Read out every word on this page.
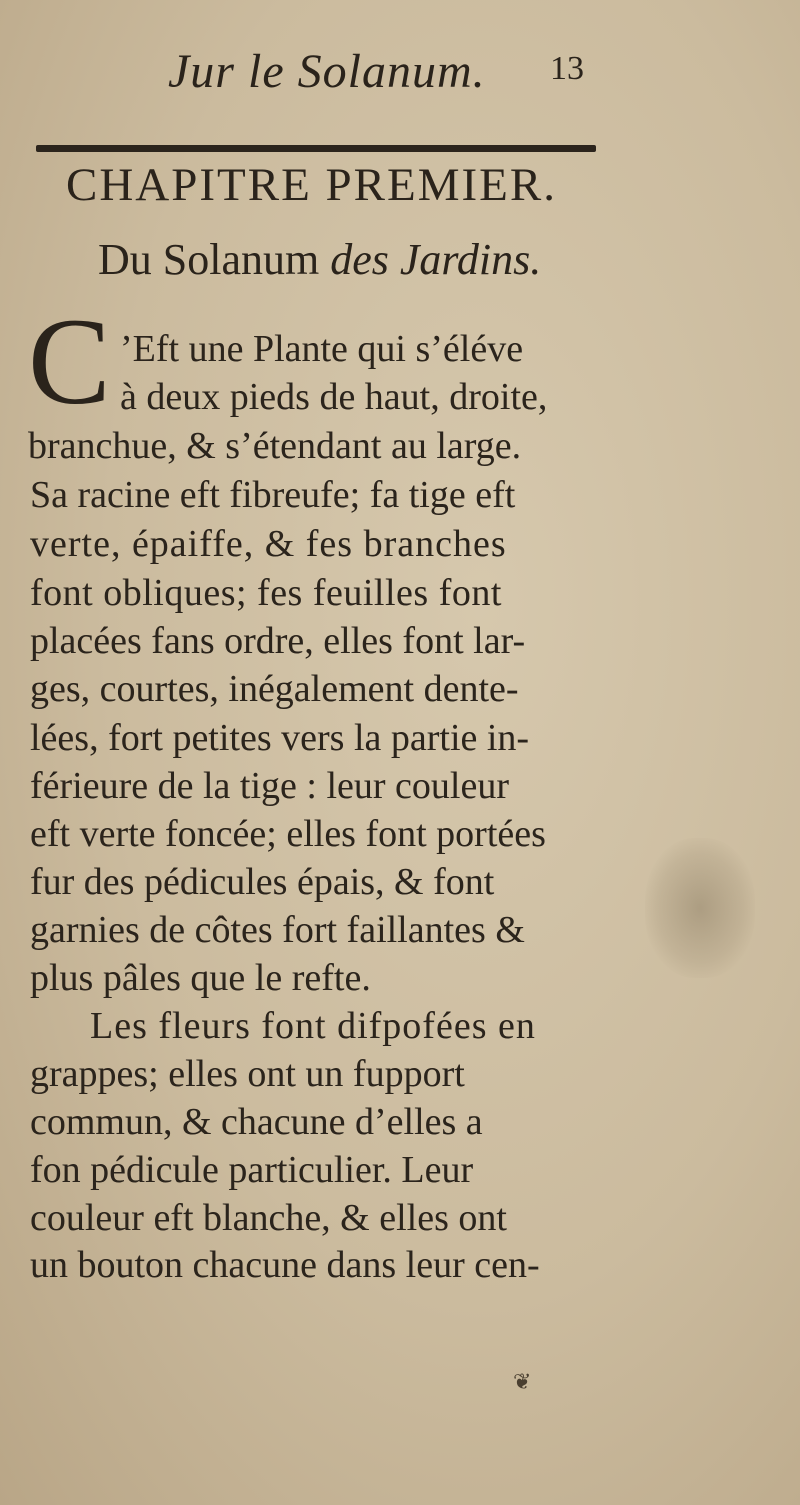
Jur le Solanum. 13
CHAPITRE PREMIER.
Du Solanum des Jardins.
C ’Eft une Plante qui s’éléve
à deux pieds de haut, droite,
branchue, & s’étendant au large.
Sa racine eft fibreufe; fa tige eft
verte, épaiffe, & fes branches
font obliques; fes feuilles font
placées fans ordre, elles font lar-
ges, courtes, inégalement dente-
lées, fort petites vers la partie in-
férieure de la tige : leur couleur
eft verte foncée; elles font portées
fur des pédicules épais, & font
garnies de côtes fort faillantes &
plus pâles que le refte.
Les fleurs font difpofées en
grappes; elles ont un fupport
commun, & chacune d’elles a
fon pédicule particulier. Leur
couleur eft blanche, & elles ont
un bouton chacune dans leur cen-
❦
